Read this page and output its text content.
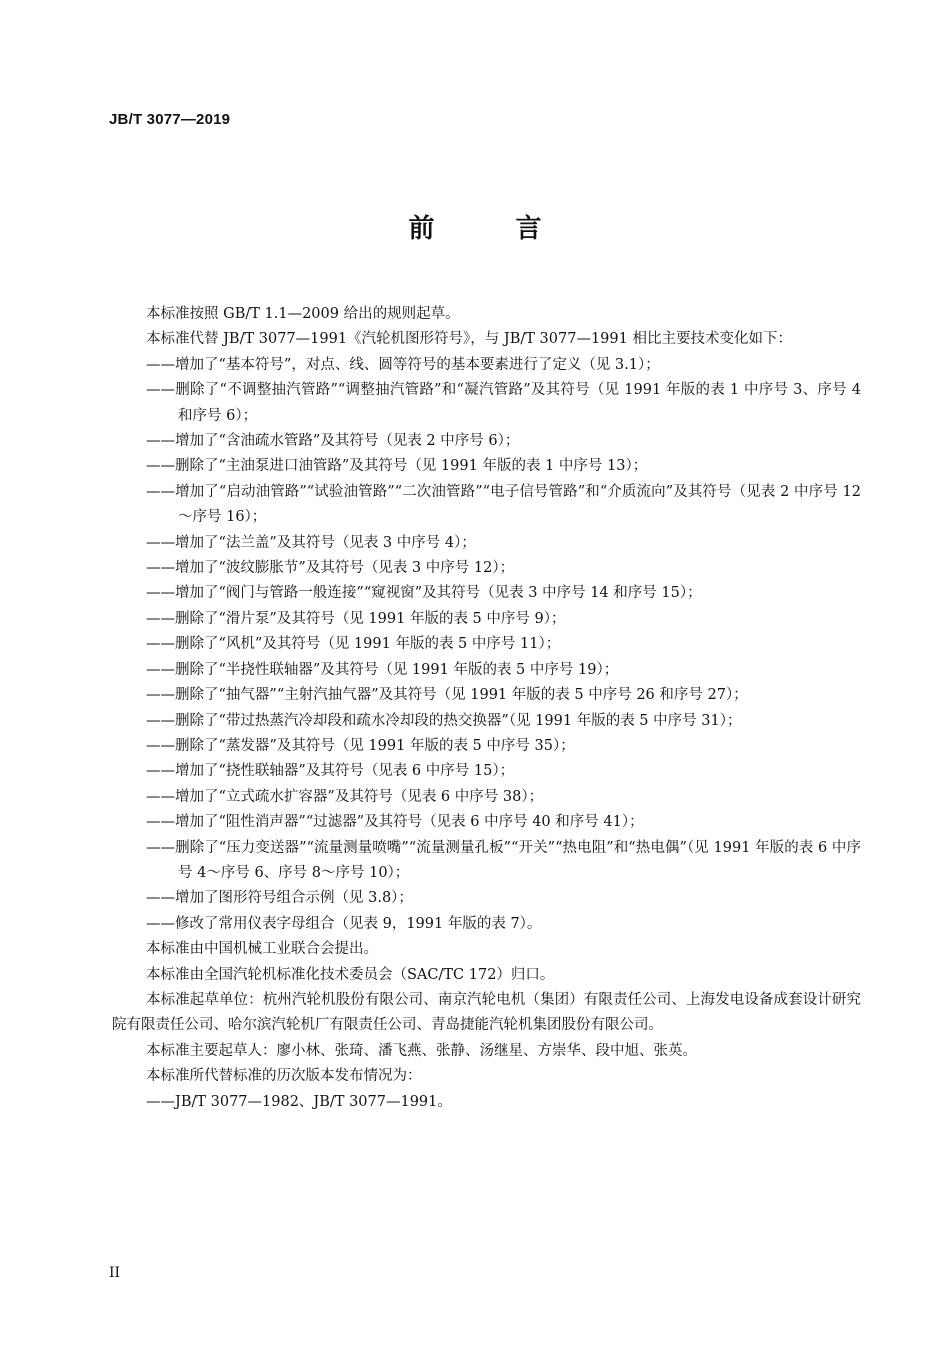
JB/T 3077—2019
前 言

本标准按照 GB/T 1.1—2009 给出的规则起草。

本标准代替 JB/T 3077—1991《汽轮机图形符号》，与 JB/T 3077—1991 相比主要技术变化如下：

——增加了“基本符号”，对点、线、圆等符号的基本要素进行了定义（见 3.1）；

——删除了“不调整抽汽管路”“调整抽汽管路”和“凝汽管路”及其符号（见 1991 年版的表 1 中序号 3、序号 4 和序号 6）；

——增加了“含油疏水管路”及其符号（见表 2 中序号 6）；

——删除了“主油泵进口油管路”及其符号（见 1991 年版的表 1 中序号 13）；

——增加了“启动油管路”“试验油管路”“二次油管路”“电子信号管路”和“介质流向”及其符号（见表 2 中序号 12～序号 16）；

——增加了“法兰盖”及其符号（见表 3 中序号 4）；

——增加了“波纹膨胀节”及其符号（见表 3 中序号 12）；

——增加了“阀门与管路一般连接”“窥视窗”及其符号（见表 3 中序号 14 和序号 15）；

——删除了“滑片泵”及其符号（见 1991 年版的表 5 中序号 9）；

——删除了“风机”及其符号（见 1991 年版的表 5 中序号 11）；

——删除了“半挠性联轴器”及其符号（见 1991 年版的表 5 中序号 19）；

——删除了“抽气器”“主射汽抽气器”及其符号（见 1991 年版的表 5 中序号 26 和序号 27）；

——删除了“带过热蒸汽冷却段和疏水冷却段的热交换器”（见 1991 年版的表 5 中序号 31）；

——删除了“蒸发器”及其符号（见 1991 年版的表 5 中序号 35）；

——增加了“挠性联轴器”及其符号（见表 6 中序号 15）；

——增加了“立式疏水扩容器”及其符号（见表 6 中序号 38）；

——增加了“阻性消声器”“过滤器”及其符号（见表 6 中序号 40 和序号 41）；

——删除了“压力变送器”“流量测量喷嘴”“流量测量孔板”“开关”“热电阻”和“热电偶”（见 1991 年版的表 6 中序号 4～序号 6、序号 8～序号 10）；

——增加了图形符号组合示例（见 3.8）；

——修改了常用仪表字母组合（见表 9，1991 年版的表 7）。

本标准由中国机械工业联合会提出。

本标准由全国汽轮机标准化技术委员会（SAC/TC 172）归口。

本标准起草单位：杭州汽轮机股份有限公司、南京汽轮电机（集团）有限责任公司、上海发电设备成套设计研究院有限责任公司、哈尔滨汽轮机厂有限责任公司、青岛捷能汽轮机集团股份有限公司。

本标准主要起草人：廖小林、张琦、潘飞燕、张静、汤继星、方崇华、段中旭、张英。

本标准所代替标准的历次版本发布情况为：

——JB/T 3077—1982、JB/T 3077—1991。

II
